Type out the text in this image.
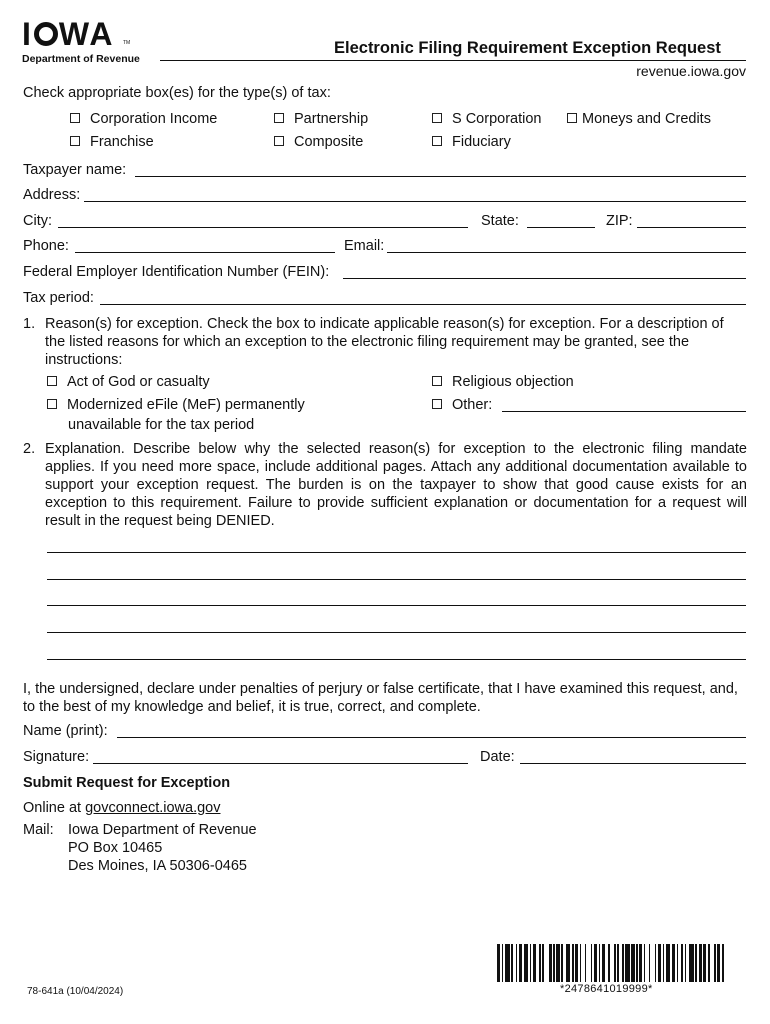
I WA TM
Department of Revenue
Electronic Filing Requirement Exception Request
revenue.iowa.gov
Check appropriate box(es) for the type(s) of tax:
Corporation Income	Partnership	S Corporation	Moneys and Credits
Franchise	Composite	Fiduciary
Taxpayer name:
Address:
City:	State:	ZIP:
Phone:	Email:
Federal Employer Identification Number (FEIN):
Tax period:
1. Reason(s) for exception. Check the box to indicate applicable reason(s) for exception. For a description of the listed reasons for which an exception to the electronic filing requirement may be granted, see the instructions:
Act of God or casualty	Religious objection
Modernized eFile (MeF) permanently
unavailable for the tax period
Other:
2. Explanation. Describe below why the selected reason(s) for exception to the electronic filing mandate applies. If you need more space, include additional pages. Attach any additional documentation available to support your exception request. The burden is on the taxpayer to show that good cause exists for an exception to this requirement. Failure to provide sufficient explanation or documentation for a request will result in the request being DENIED.
I, the undersigned, declare under penalties of perjury or false certificate, that I have examined this request, and, to the best of my knowledge and belief, it is true, correct, and complete.
Name (print):
Signature:	Date:
Submit Request for Exception
Online at govconnect.iowa.gov
Mail: Iowa Department of Revenue
PO Box 10465
Des Moines, IA 50306-0465
78-641a (10/04/2024)	*2478641019999*
